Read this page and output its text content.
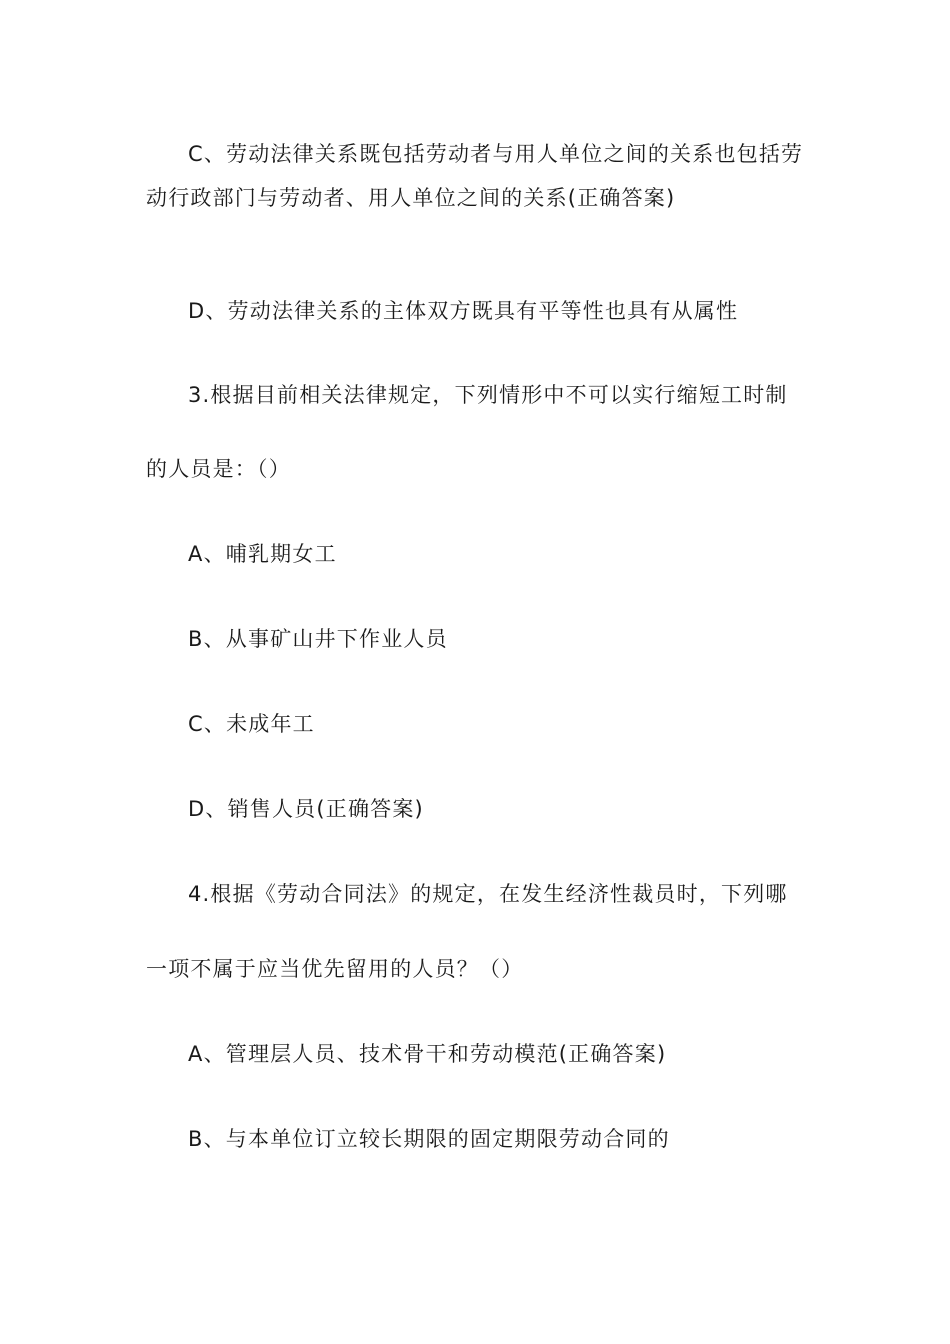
C、劳动法律关系既包括劳动者与用人单位之间的关系也包括劳
动行政部门与劳动者、用人单位之间的关系(正确答案)
D、劳动法律关系的主体双方既具有平等性也具有从属性
3.根据目前相关法律规定，下列情形中不可以实行缩短工时制
的人员是：（）
A、哺乳期女工
B、从事矿山井下作业人员
C、未成年工
D、销售人员(正确答案)
4.根据《劳动合同法》的规定，在发生经济性裁员时，下列哪
一项不属于应当优先留用的人员？（）
A、管理层人员、技术骨干和劳动模范(正确答案)
B、与本单位订立较长期限的固定期限劳动合同的
